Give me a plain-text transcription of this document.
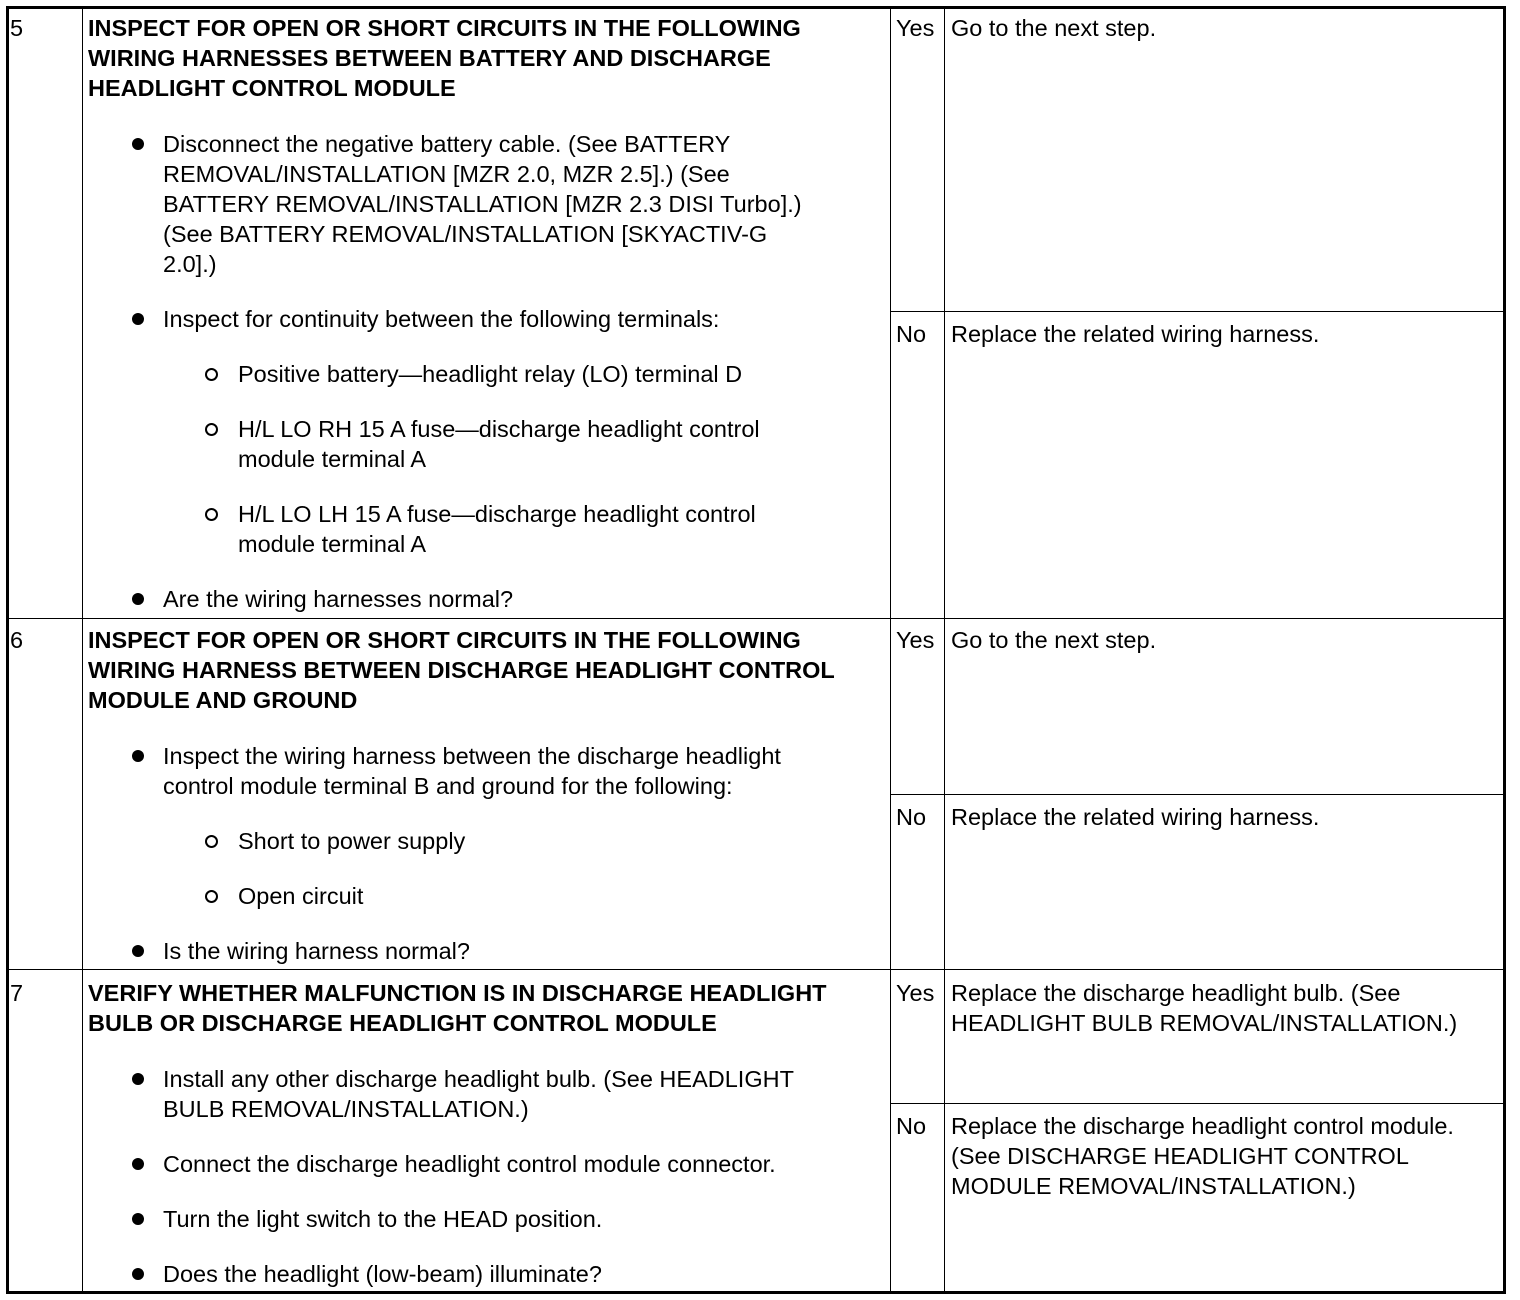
5	INSPECT FOR OPEN OR SHORT CIRCUITS IN THE FOLLOWING
WIRING HARNESSES BETWEEN BATTERY AND DISCHARGE
HEADLIGHT CONTROL MODULE
Disconnect the negative battery cable. (See BATTERY
REMOVAL/INSTALLATION [MZR 2.0, MZR 2.5].) (See
BATTERY REMOVAL/INSTALLATION [MZR 2.3 DISI Turbo].)
(See BATTERY REMOVAL/INSTALLATION [SKYACTIV-G
2.0].)
Inspect for continuity between the following terminals:
Positive battery—headlight relay (LO) terminal D
H/L LO RH 15 A fuse—discharge headlight control
module terminal A
H/L LO LH 15 A fuse—discharge headlight control
module terminal A
Are the wiring harnesses normal?
Yes Go to the next step.
No Replace the related wiring harness.
6	INSPECT FOR OPEN OR SHORT CIRCUITS IN THE FOLLOWING
WIRING HARNESS BETWEEN DISCHARGE HEADLIGHT CONTROL
MODULE AND GROUND
Inspect the wiring harness between the discharge headlight
control module terminal B and ground for the following:
Short to power supply
Open circuit
Is the wiring harness normal?
Yes Go to the next step.
No Replace the related wiring harness.
7	VERIFY WHETHER MALFUNCTION IS IN DISCHARGE HEADLIGHT
BULB OR DISCHARGE HEADLIGHT CONTROL MODULE
Install any other discharge headlight bulb. (See HEADLIGHT
BULB REMOVAL/INSTALLATION.)
Connect the discharge headlight control module connector.
Turn the light switch to the HEAD position.
Does the headlight (low-beam) illuminate?
Yes Replace the discharge headlight bulb. (See
HEADLIGHT BULB REMOVAL/INSTALLATION.)
No Replace the discharge headlight control module.
(See DISCHARGE HEADLIGHT CONTROL
MODULE REMOVAL/INSTALLATION.)
